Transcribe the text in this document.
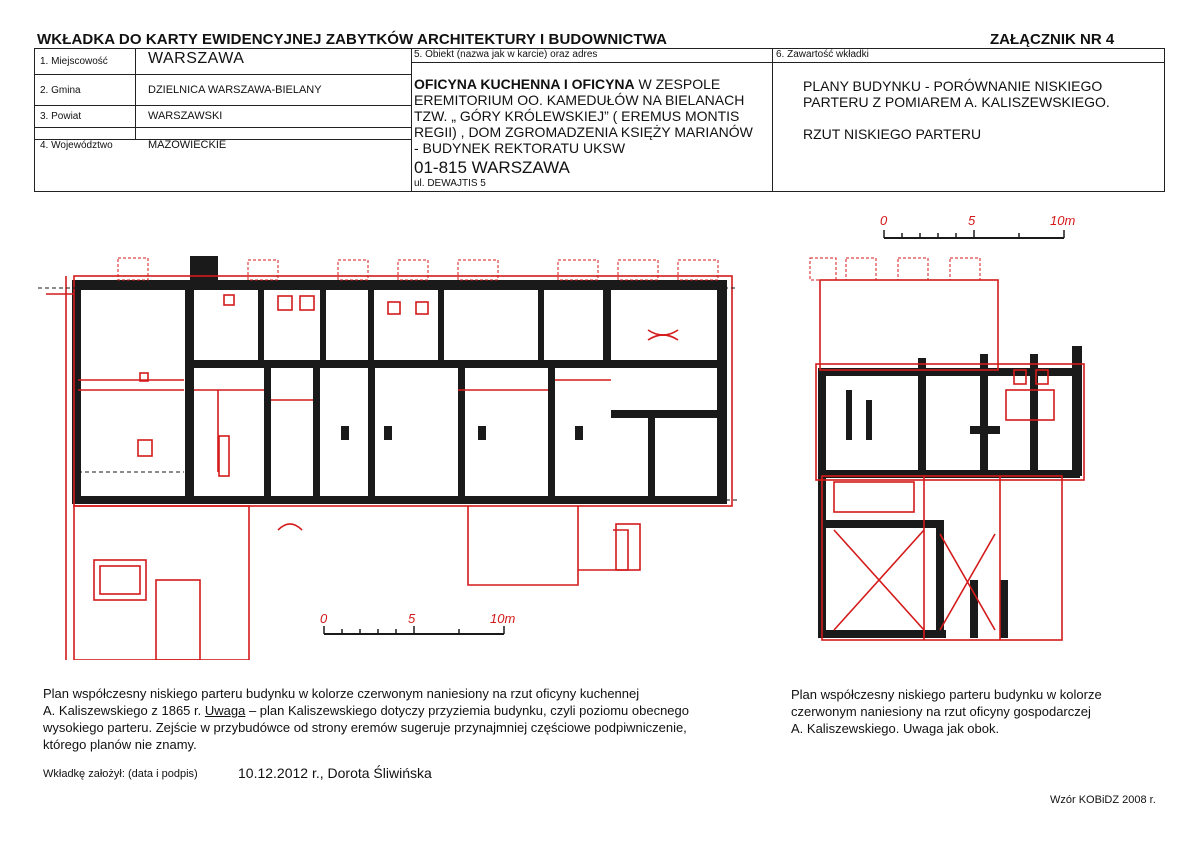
WKŁADKA DO KARTY EWIDENCYJNEJ ZABYTKÓW ARCHITEKTURY I BUDOWNICTWA	ZAŁĄCZNIK NR 4
1. Miejscowość	WARSZAWA
2. Gmina	DZIELNICA WARSZAWA-BIELANY
3. Powiat	WARSZAWSKI
4. Województwo	MAZOWIECKIE
5. Obiekt (nazwa jak w karcie) oraz adres
OFICYNA KUCHENNA I OFICYNA W ZESPOLE
EREMITORIUM OO. KAMEDUŁÓW NA BIELANACH
TZW. „ GÓRY KRÓLEWSKIEJ” ( EREMUS MONTIS
REGII) , DOM ZGROMADZENIA KSIĘŻY MARIANÓW
- BUDYNEK REKTORATU UKSW
01-815 WARSZAWA
ul. DEWAJTIS 5
6. Zawartość wkładki
PLANY BUDYNKU - PORÓWNANIE NISKIEGO
PARTERU Z POMIAREM A. KALISZEWSKIEGO.
RZUT NISKIEGO PARTERU
0	5	10m
0	5	10m
Plan współczesny niskiego parteru budynku w kolorze czerwonym naniesiony na rzut oficyny kuchennej
A. Kaliszewskiego z 1865 r. Uwaga – plan Kaliszewskiego dotyczy przyziemia budynku, czyli poziomu obecnego
wysokiego parteru. Zejście w przybudówce od strony eremów sugeruje przynajmniej częściowe podpiwniczenie,
którego planów nie znamy.
Plan współczesny niskiego parteru budynku w kolorze
czerwonym naniesiony na rzut oficyny gospodarczej
A. Kaliszewskiego. Uwaga jak obok.
Wkładkę założył: (data i podpis)	10.12.2012 r., Dorota Śliwińska
Wzór KOBiDZ 2008 r.
